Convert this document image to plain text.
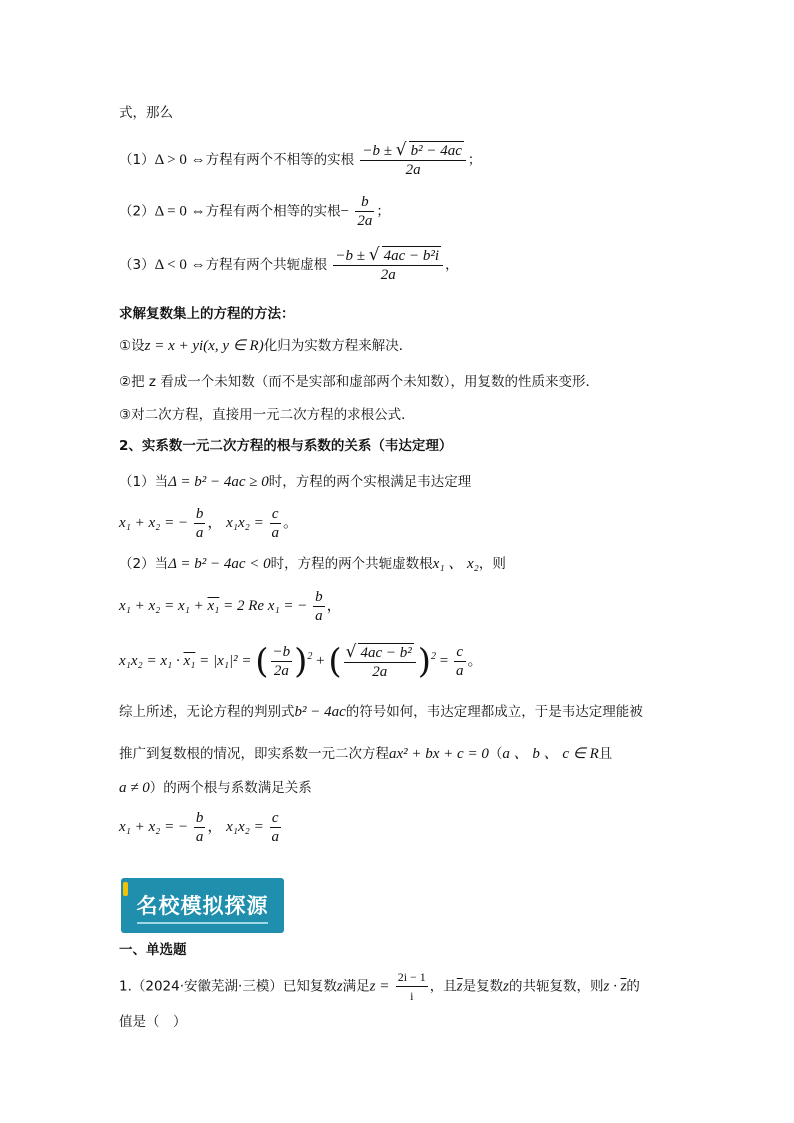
式，那么
（1）Δ > 0 ⇔方程有两个不相等的实根 $\frac{\text{−b ± √ b² − 4ac}}{2a}$ ；
（2）Δ = 0 ⇔方程有两个相等的实根− $\frac{b}{2a}$ ；
（3）Δ < 0 ⇔方程有两个共轭虚根 $\frac{\text{−b ± √ 4ac − b²i}}{2a}$ ，
求解复数集上的方程的方法：
①设z = x + yi(x, y ∈ R)化归为实数方程来解决．
②把 z 看成一个未知数（而不是实部和虚部两个未知数），用复数的性质来变形．
③对二次方程，直接用一元二次方程的求根公式．
2、实系数一元二次方程的根与系数的关系（韦达定理）
（1）当Δ = b² − 4ac ≥ 0时，方程的两个实根满足韦达定理
x₁ + x₂ = − $\frac{b}{a}$ ， $x_1x_2 = \frac{c}{a}$ 。
（2）当Δ = b² − 4ac < 0时，方程的两个共轭虚数根x₁ 、 x₂，则
x₁ + x₂ = x₁ + x₁ = 2 Re x₁ = − $\frac{b}{a}$ ，
x₁x₂ = x₁ · x₁ = |x₁|² = ( $\frac{-b}{2a} )^2$ + ( $\frac{\text{√ 4ac − b²}}{2a} )^2 = \frac{c}{a}$ 。
综上所述，无论方程的判别式b² − 4ac的符号如何，韦达定理都成立，于是韦达定理能被
推广到复数根的情况，即实系数一元二次方程ax² + bx + c = 0（a 、 b 、 c ∈ R且
a ≠ 0）的两个根与系数满足关系
x₁ + x₂ = − $\frac{b}{a}$ ， $x_1x_2 = \frac{c}{a}$
名校模拟探源
一、单选题
1.（2024·安徽芜湖·三模）已知复数z满足$z = \frac{2i - 1}{i}$ ，且$\overline{z}$是复数z的共轭复数，则$z \cdot \overline{z}$的
值是（　）
